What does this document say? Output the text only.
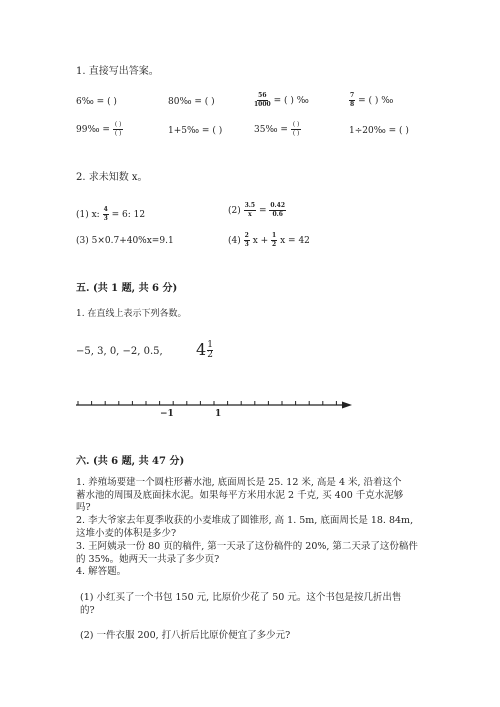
1. 直接写出答案。
6‰ = ( )	80‰ = ( )	$\frac{56}{1000}$ = ( ) ‰	$\frac{7}{8}$ = ( ) ‰
99‰ = $\frac{( )}{( )}$	1+5‰ = ( )	35‰ = $\frac{( )}{( )}$	1÷20‰ = ( )
2. 求未知数 x。
(1) x: $\frac{4}{3} = 6$: 12	$(2) \frac{3.5}{x} = \frac{0.42}{0.6}$
(3) 5×0.7+40%x=9.1	$(4) \frac{2}{3}$ $x + \frac{1}{2}$ x = 42
五. (共 1 题, 共 6 分)
1. 在直线上表示下列各数。
−5, 3, 0, −2, 0.5, $4 \frac{1}{2}$
−1	1
六. (共 6 题, 共 47 分)
1. 养殖场要建一个圆柱形蓄水池, 底面周长是 25. 12 米, 高是 4 米, 沿着这个
蓄水池的周围及底面抹水泥。如果每平方米用水泥 2 千克, 买 400 千克水泥够
吗?
2. 李大爷家去年夏季收获的小麦堆成了圆锥形, 高 1. 5m, 底面周长是 18. 84m,
这堆小麦的体积是多少?
3. 王阿姨录一份 80 页的稿件, 第一天录了这份稿件的 20%, 第二天录了这份稿件
的 35%。她两天一共录了多少页?
4. 解答题。
(1) 小红买了一个书包 150 元, 比原价少花了 50 元。这个书包是按几折出售
的?
(2) 一件衣服 200, 打八折后比原价便宜了多少元?
